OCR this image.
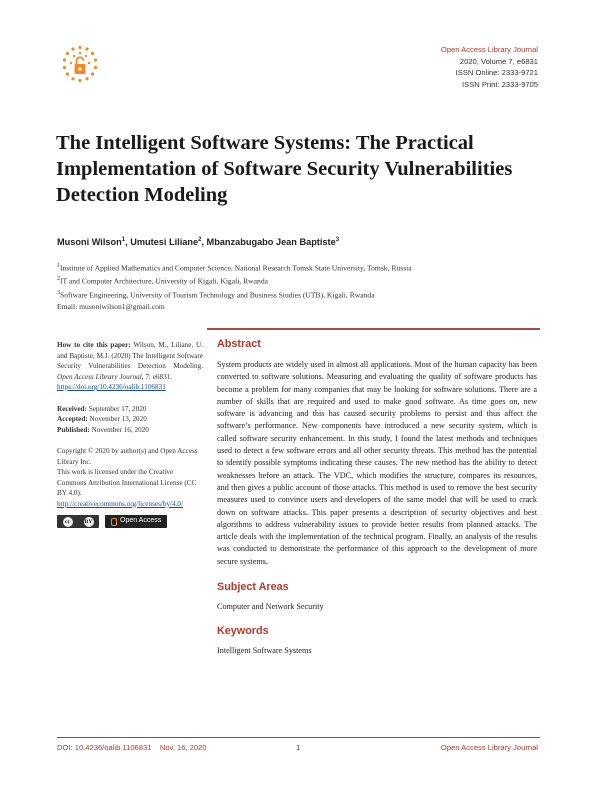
Open Access Library Journal
2020, Volume 7, e6831
ISSN Online: 2333-9721
ISSN Print: 2333-9705
The Intelligent Software Systems: The Practical Implementation of Software Security Vulnerabilities Detection Modeling
Musoni Wilson$^1$, Umutesi Liliane$^2$, Mbanzabugabo Jean Baptiste$^3$
$^1$Institute of Applied Mathematics and Computer Science, National Research Tomsk State University, Tomsk, Russia
$^2$IT and Computer Architecture, University of Kigali, Kigali, Rwanda
$^3$Software Engineering, University of Tourism Technology and Business Studies (UTB), Kigali, Rwanda
Email: musoniwilson1@gmail.com

How to cite this paper: Wilson, M., Liliane, U. and Baptiste, M.J. (2020) The Intelligent Software Security Vulnerabilities Detection Modeling. Open Access Library Journal, 7: e6831.
https://doi.org/10.4236/oalib.1106831

Received: September 17, 2020
Accepted: November 13, 2020
Published: November 16, 2020

Copyright © 2020 by author(s) and Open Access Library Inc.
This work is licensed under the Creative Commons Attribution International License (CC BY 4.0).
http://creativecommons.org/licenses/by/4.0/

cc	BY	Open Access
Abstract

System products are widely used in almost all applications. Most of the human capacity has been converted to software solutions. Measuring and evaluating the quality of software products has become a problem for many companies that may be looking for software solutions. There are a number of skills that are required and used to make good software. As time goes on, new software is advancing and this has caused security problems to persist and thus affect the software’s performance. New components have introduced a new security system, which is called software security enhancement. In this study, I found the latest methods and techniques used to detect a few software errors and all other security threats. This method has the potential to identify possible symptoms indicating these causes. The new method has the ability to detect weaknesses before an attack. The VDC, which modifies the structure, compares its resources, and then gives a public account of those attacks. This method is used to remove the best security measures used to convince users and developers of the same model that will be used to crack down on software attacks. This paper presents a description of security objectives and best algorithms to address vulnerability issues to provide better results from planned attacks. The article deals with the implementation of the technical program. Finally, an analysis of the results was conducted to demonstrate the performance of this approach to the development of more secure systems.

Subject Areas

Computer and Network Security

Keywords

Intelligent Software Systems

DOI: 10.4236/oalib.1106831 Nov. 16, 2020	1	Open Access Library Journal
